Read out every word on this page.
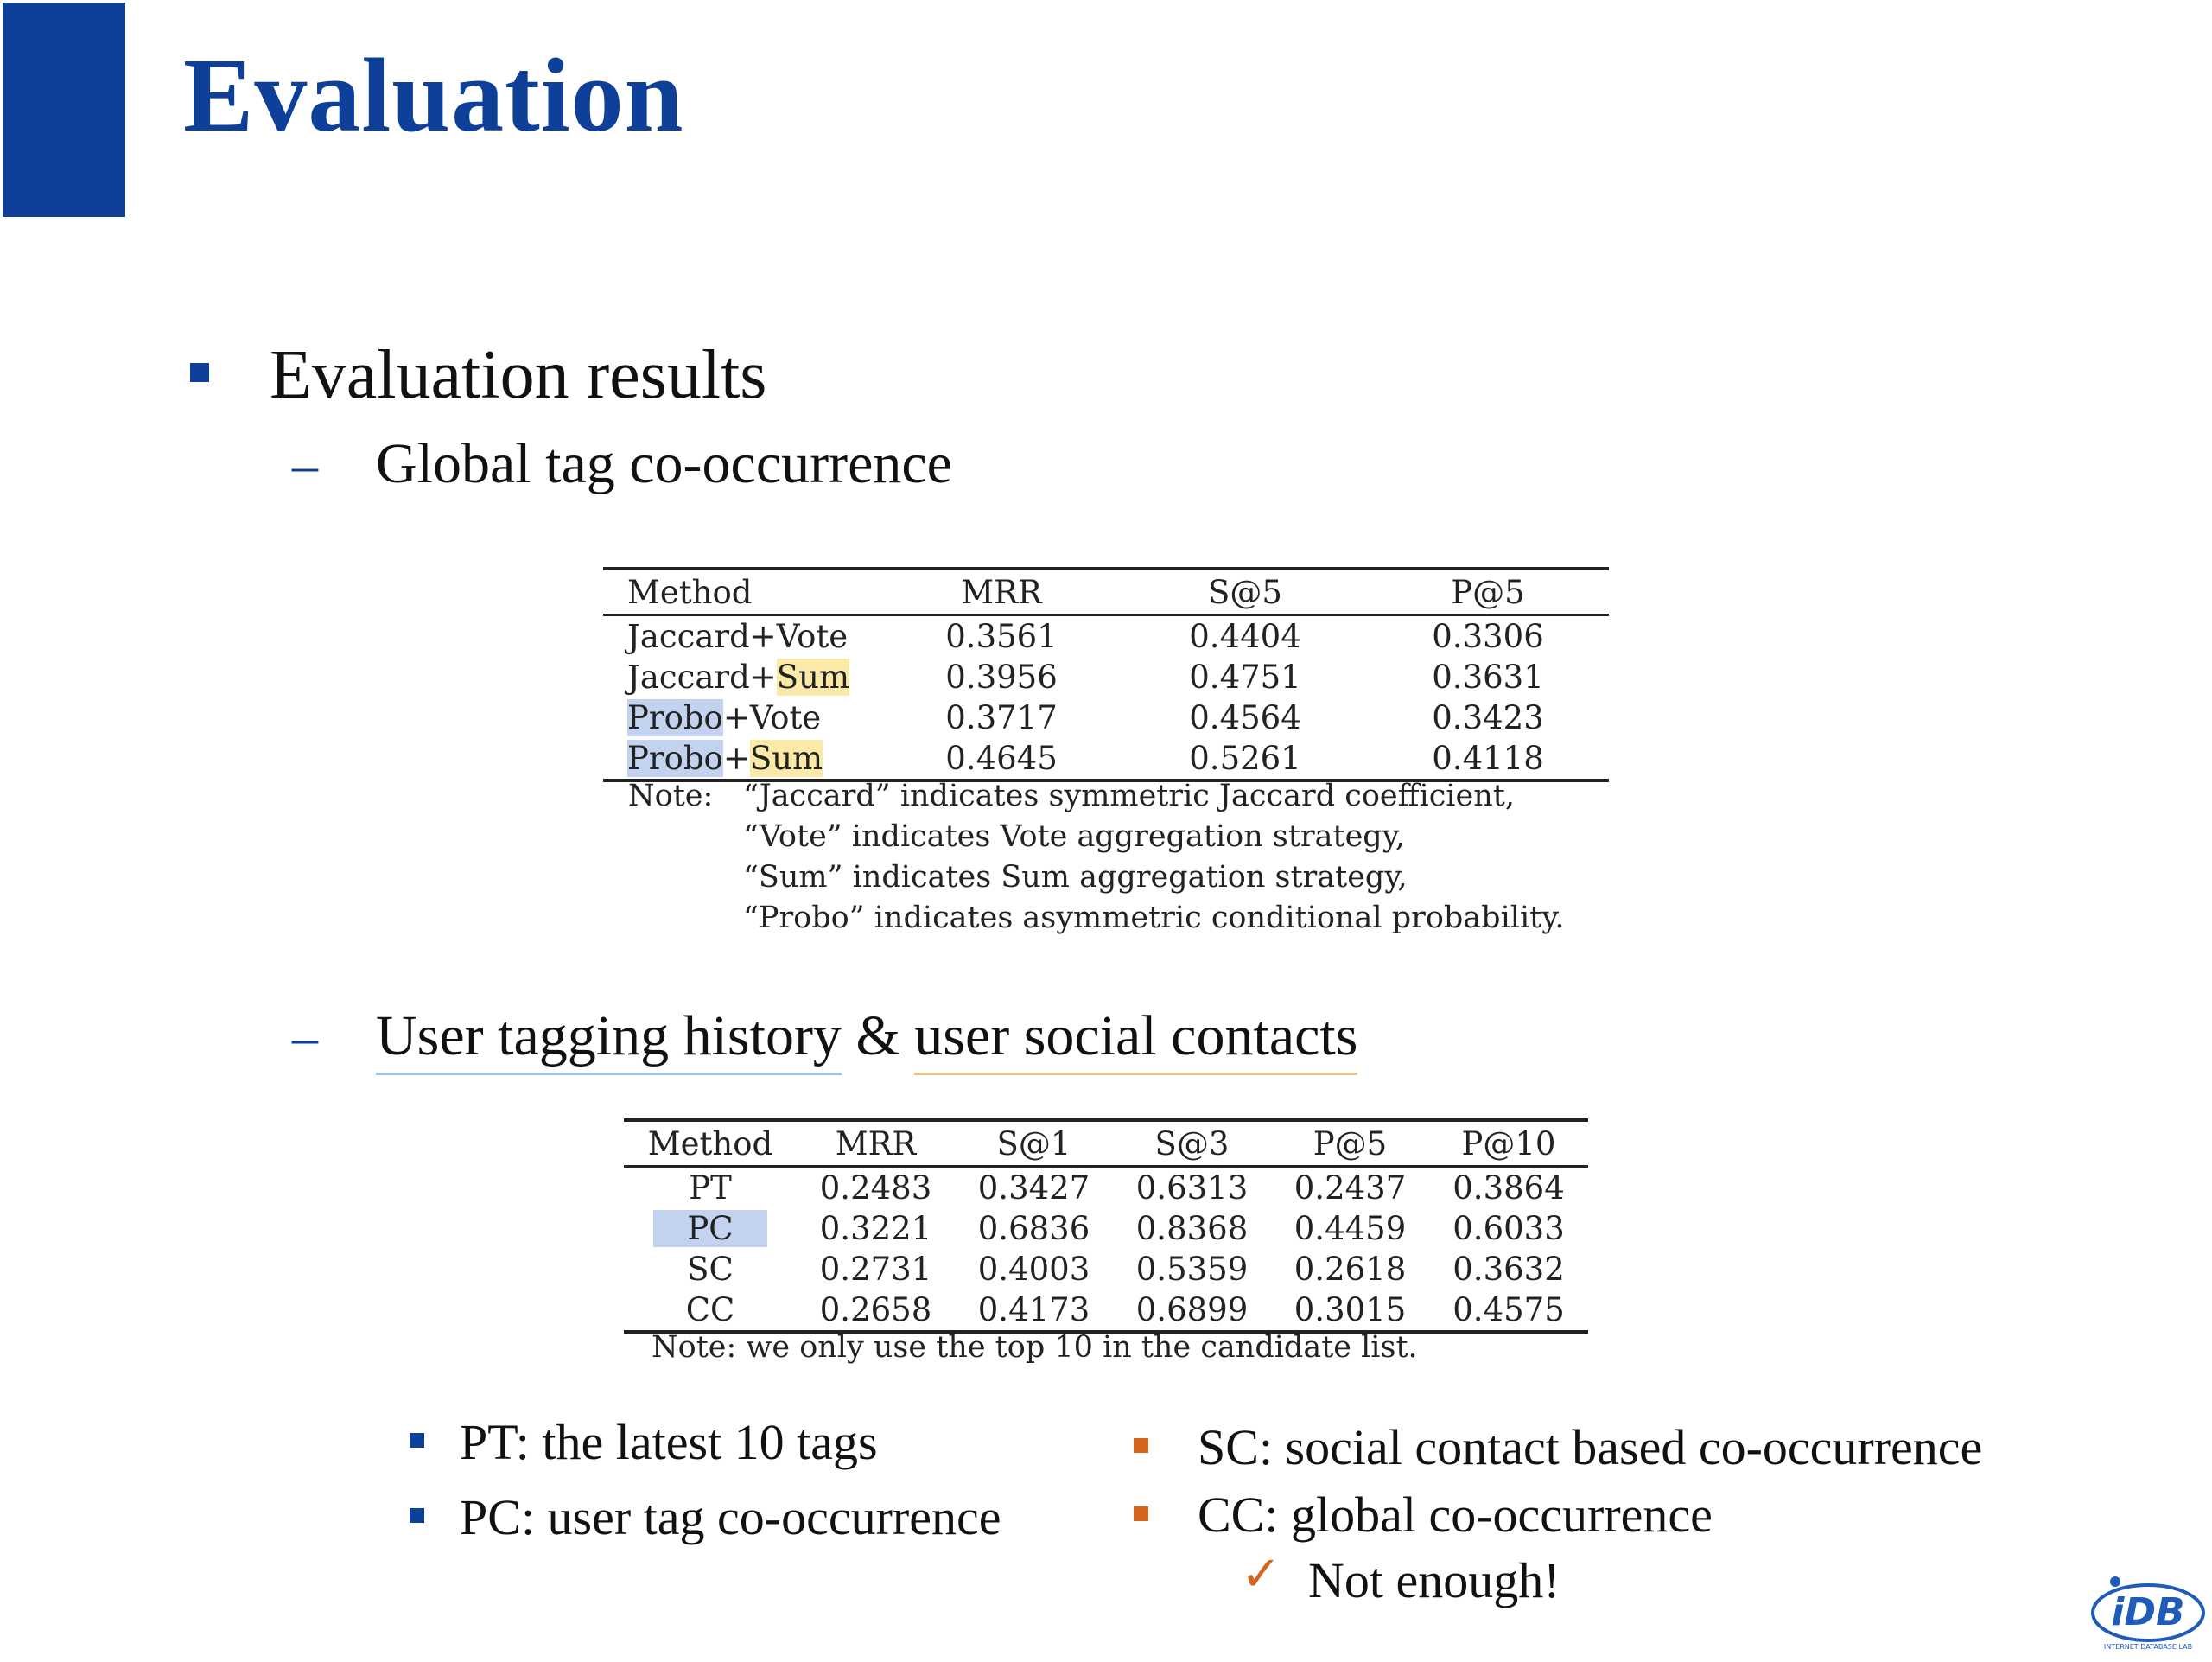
Evaluation
Evaluation results
– Global tag co-occurrence
Method	MRR	S@5	P@5
Jaccard+Vote	0.3561	0.4404	0.3306
Jaccard+Sum	0.3956	0.4751	0.3631
Probo+Vote	0.3717	0.4564	0.3423
Probo+Sum	0.4645	0.5261	0.4118
Note: “Jaccard” indicates symmetric Jaccard coefficient,
“Vote” indicates Vote aggregation strategy,
“Sum” indicates Sum aggregation strategy,
“Probo” indicates asymmetric conditional probability.
– User tagging history & user social contacts
Method	MRR	S@1	S@3	P@5	P@10
PT	0.2483	0.3427	0.6313	0.2437	0.3864
PC	0.3221	0.6836	0.8368	0.4459	0.6033
SC	0.2731	0.4003	0.5359	0.2618	0.3632
CC	0.2658	0.4173	0.6899	0.3015	0.4575
Note: we only use the top 10 in the candidate list.
PT: the latest 10 tags
PC: user tag co-occurrence
SC: social contact based co-occurrence
CC: global co-occurrence
✓ Not enough!
iDB
INTERNET DATABASE LAB
